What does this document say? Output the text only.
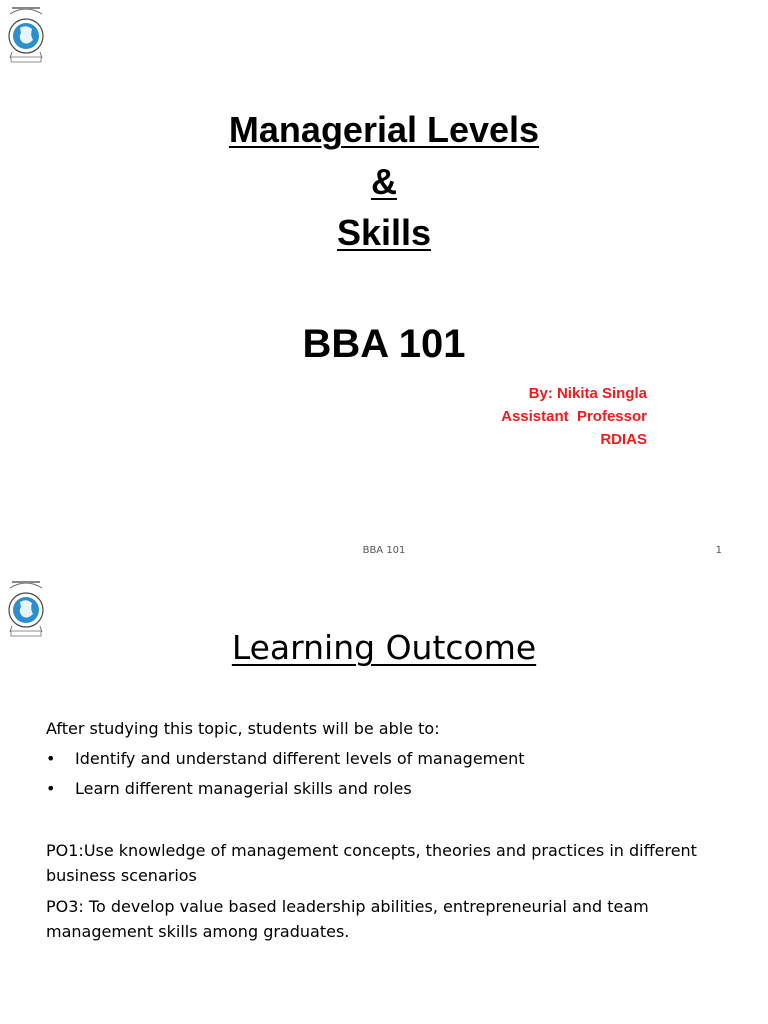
Managerial Levels
&
Skills
BBA 101
By: Nikita Singla
Assistant  Professor
RDIAS
BBA 101	1
Learning Outcome
After studying this topic, students will be able to:
• Identify and understand different levels of management
• Learn different managerial skills and roles
PO1:Use knowledge of management concepts, theories and practices in different business scenarios
PO3: To develop value based leadership abilities, entrepreneurial and team management skills among graduates.
